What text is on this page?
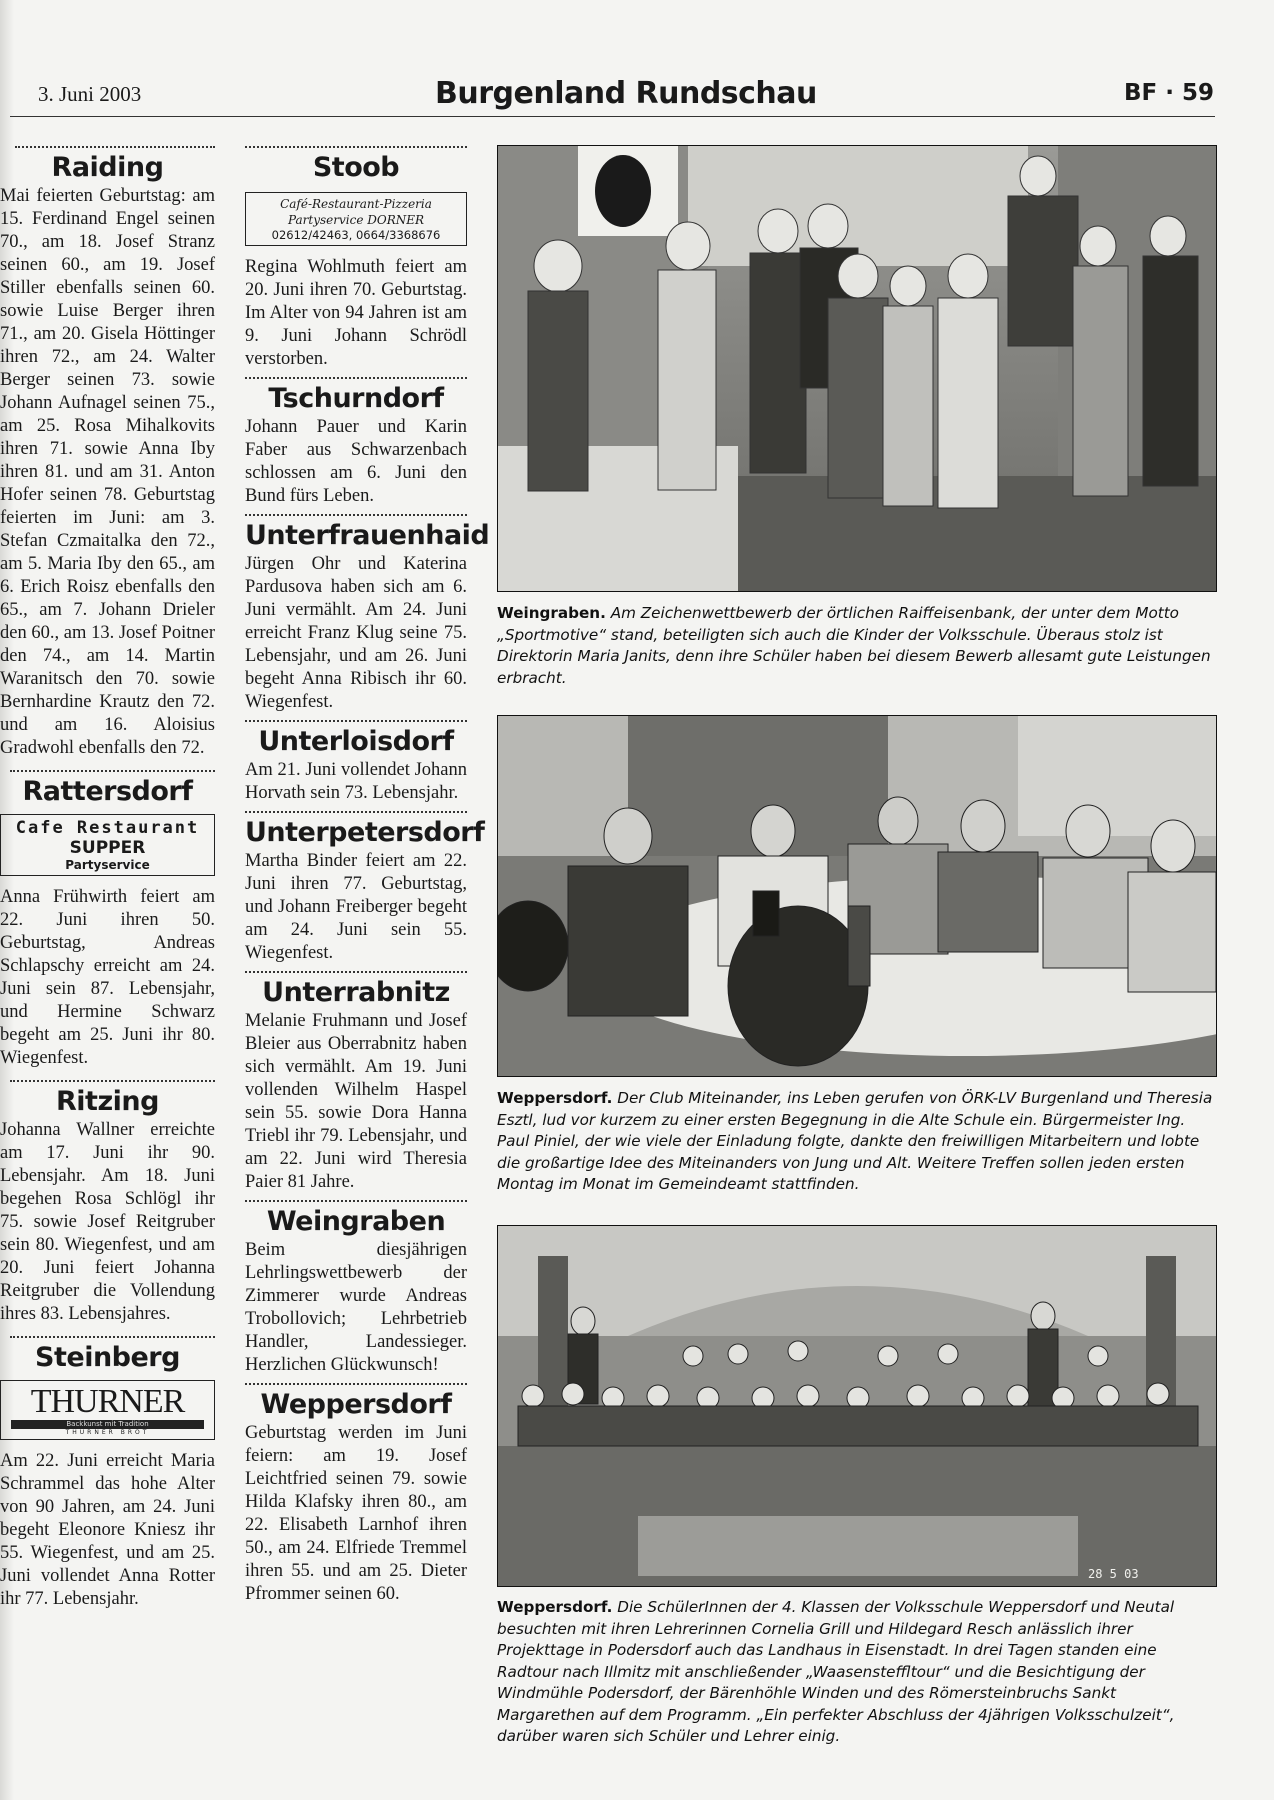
3. Juni 2003	Burgenland Rundschau	BF · 59
Raiding

Mai feierten Geburtstag: am 15. Ferdinand Engel seinen 70., am 18. Josef Stranz seinen 60., am 19. Josef Stiller ebenfalls seinen 60. sowie Luise Berger ihren 71., am 20. Gisela Höttinger ihren 72., am 24. Walter Berger seinen 73. sowie Johann Aufnagel seinen 75., am 25. Rosa Mihalkovits ihren 71. sowie Anna Iby ihren 81. und am 31. Anton Hofer seinen 78. Geburtstag feierten im Juni: am 3. Stefan Czmaitalka den 72., am 5. Maria Iby den 65., am 6. Erich Roisz ebenfalls den 65., am 7. Johann Drieler den 60., am 13. Josef Poitner den 74., am 14. Martin Waranitsch den 70. sowie Bernhardine Krautz den 72. und am 16. Aloisius Gradwohl ebenfalls den 72.

Rattersdorf
Cafe Restaurant
SUPPER
Partyservice

Anna Frühwirth feiert am 22. Juni ihren 50. Geburtstag, Andreas Schlapschy erreicht am 24. Juni sein 87. Lebensjahr, und Hermine Schwarz begeht am 25. Juni ihr 80. Wiegenfest.

Ritzing

Johanna Wallner erreichte am 17. Juni ihr 90. Lebensjahr. Am 18. Juni begehen Rosa Schlögl ihr 75. sowie Josef Reitgruber sein 80. Wiegenfest, und am 20. Juni feiert Johanna Reitgruber die Vollendung ihres 83. Lebensjahres.

Steinberg
THURNER
Backkunst mit Tradition
THURNER BROT

Am 22. Juni erreicht Maria Schrammel das hohe Alter von 90 Jahren, am 24. Juni begeht Eleonore Kniesz ihr 55. Wiegenfest, und am 25. Juni vollendet Anna Rotter ihr 77. Lebensjahr.

Stoob
Café-Restaurant-Pizzeria Partyservice DORNER
02612/42463, 0664/3368676

Regina Wohlmuth feiert am 20. Juni ihren 70. Geburtstag. Im Alter von 94 Jahren ist am 9. Juni Johann Schrödl verstorben.

Tschurndorf

Johann Pauer und Karin Faber aus Schwarzenbach schlossen am 6. Juni den Bund fürs Leben.

Unterfrauenhaid

Jürgen Ohr und Katerina Pardusova haben sich am 6. Juni vermählt. Am 24. Juni erreicht Franz Klug seine 75. Lebensjahr, und am 26. Juni begeht Anna Ribisch ihr 60. Wiegenfest.

Unterloisdorf

Am 21. Juni vollendet Johann Horvath sein 73. Lebensjahr.

Unterpetersdorf

Martha Binder feiert am 22. Juni ihren 77. Geburtstag, und Johann Freiberger begeht am 24. Juni sein 55. Wiegenfest.

Unterrabnitz

Melanie Fruhmann und Josef Bleier aus Oberrabnitz haben sich vermählt. Am 19. Juni vollenden Wilhelm Haspel sein 55. sowie Dora Hanna Triebl ihr 79. Lebensjahr, und am 22. Juni wird Theresia Paier 81 Jahre.

Weingraben

Beim diesjährigen Lehrlingswettbewerb der Zimmerer wurde Andreas Trobollovich; Lehrbetrieb Handler, Landessieger. Herzlichen Glückwunsch!

Weppersdorf

Geburtstag werden im Juni feiern: am 19. Josef Leichtfried seinen 79. sowie Hilda Klafsky ihren 80., am 22. Elisabeth Larnhof ihren 50., am 24. Elfriede Tremmel ihren 55. und am 25. Dieter Pfrommer seinen 60.

Weingraben. Am Zeichenwettbewerb der örtlichen Raiffeisenbank, der unter dem Motto „Sportmotive“ stand, beteiligten sich auch die Kinder der Volksschule. Überaus stolz ist Direktorin Maria Janits, denn ihre Schüler haben bei diesem Bewerb allesamt gute Leistungen erbracht.
Weppersdorf. Der Club Miteinander, ins Leben gerufen von ÖRK-LV Burgenland und Theresia Esztl, lud vor kurzem zu einer ersten Begegnung in die Alte Schule ein. Bürgermeister Ing. Paul Piniel, der wie viele der Einladung folgte, dankte den freiwilligen Mitarbeitern und lobte die großartige Idee des Miteinanders von Jung und Alt. Weitere Treffen sollen jeden ersten Montag im Monat im Gemeindeamt stattfinden.
28 5 03
Weppersdorf. Die SchülerInnen der 4. Klassen der Volksschule Weppersdorf und Neutal besuchten mit ihren Lehrerinnen Cornelia Grill und Hildegard Resch anlässlich ihrer Projekttage in Podersdorf auch das Landhaus in Eisenstadt. In drei Tagen standen eine Radtour nach Illmitz mit anschließender „Waasensteffltour“ und die Besichtigung der Windmühle Podersdorf, der Bärenhöhle Winden und des Römersteinbruchs Sankt Margarethen auf dem Programm. „Ein perfekter Abschluss der 4jährigen Volksschulzeit“, darüber waren sich Schüler und Lehrer einig.
